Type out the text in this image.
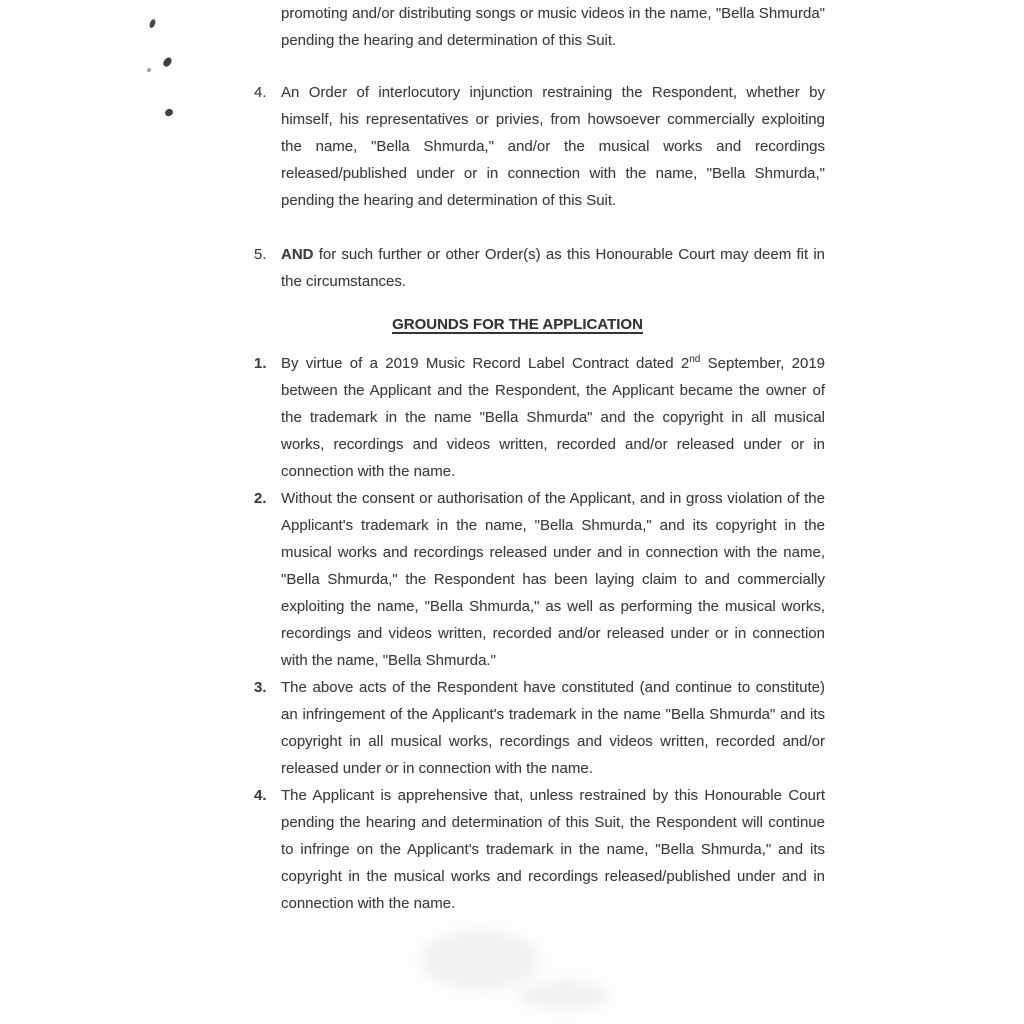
promoting and/or distributing songs or music videos in the name, "Bella Shmurda" pending the hearing and determination of this Suit.

4. An Order of interlocutory injunction restraining the Respondent, whether by himself, his representatives or privies, from howsoever commercially exploiting the name, "Bella Shmurda," and/or the musical works and recordings released/published under or in connection with the name, "Bella Shmurda," pending the hearing and determination of this Suit.
5. AND for such further or other Order(s) as this Honourable Court may deem fit in the circumstances.
GROUNDS FOR THE APPLICATION
1. By virtue of a 2019 Music Record Label Contract dated 2nd September, 2019 between the Applicant and the Respondent, the Applicant became the owner of the trademark in the name "Bella Shmurda" and the copyright in all musical works, recordings and videos written, recorded and/or released under or in connection with the name.
2. Without the consent or authorisation of the Applicant, and in gross violation of the Applicant's trademark in the name, "Bella Shmurda," and its copyright in the musical works and recordings released under and in connection with the name, "Bella Shmurda," the Respondent has been laying claim to and commercially exploiting the name, "Bella Shmurda," as well as performing the musical works, recordings and videos written, recorded and/or released under or in connection with the name, "Bella Shmurda."
3. The above acts of the Respondent have constituted (and continue to constitute) an infringement of the Applicant's trademark in the name "Bella Shmurda" and its copyright in all musical works, recordings and videos written, recorded and/or released under or in connection with the name.
4. The Applicant is apprehensive that, unless restrained by this Honourable Court pending the hearing and determination of this Suit, the Respondent will continue to infringe on the Applicant's trademark in the name, "Bella Shmurda," and its copyright in the musical works and recordings released/published under and in connection with the name.
